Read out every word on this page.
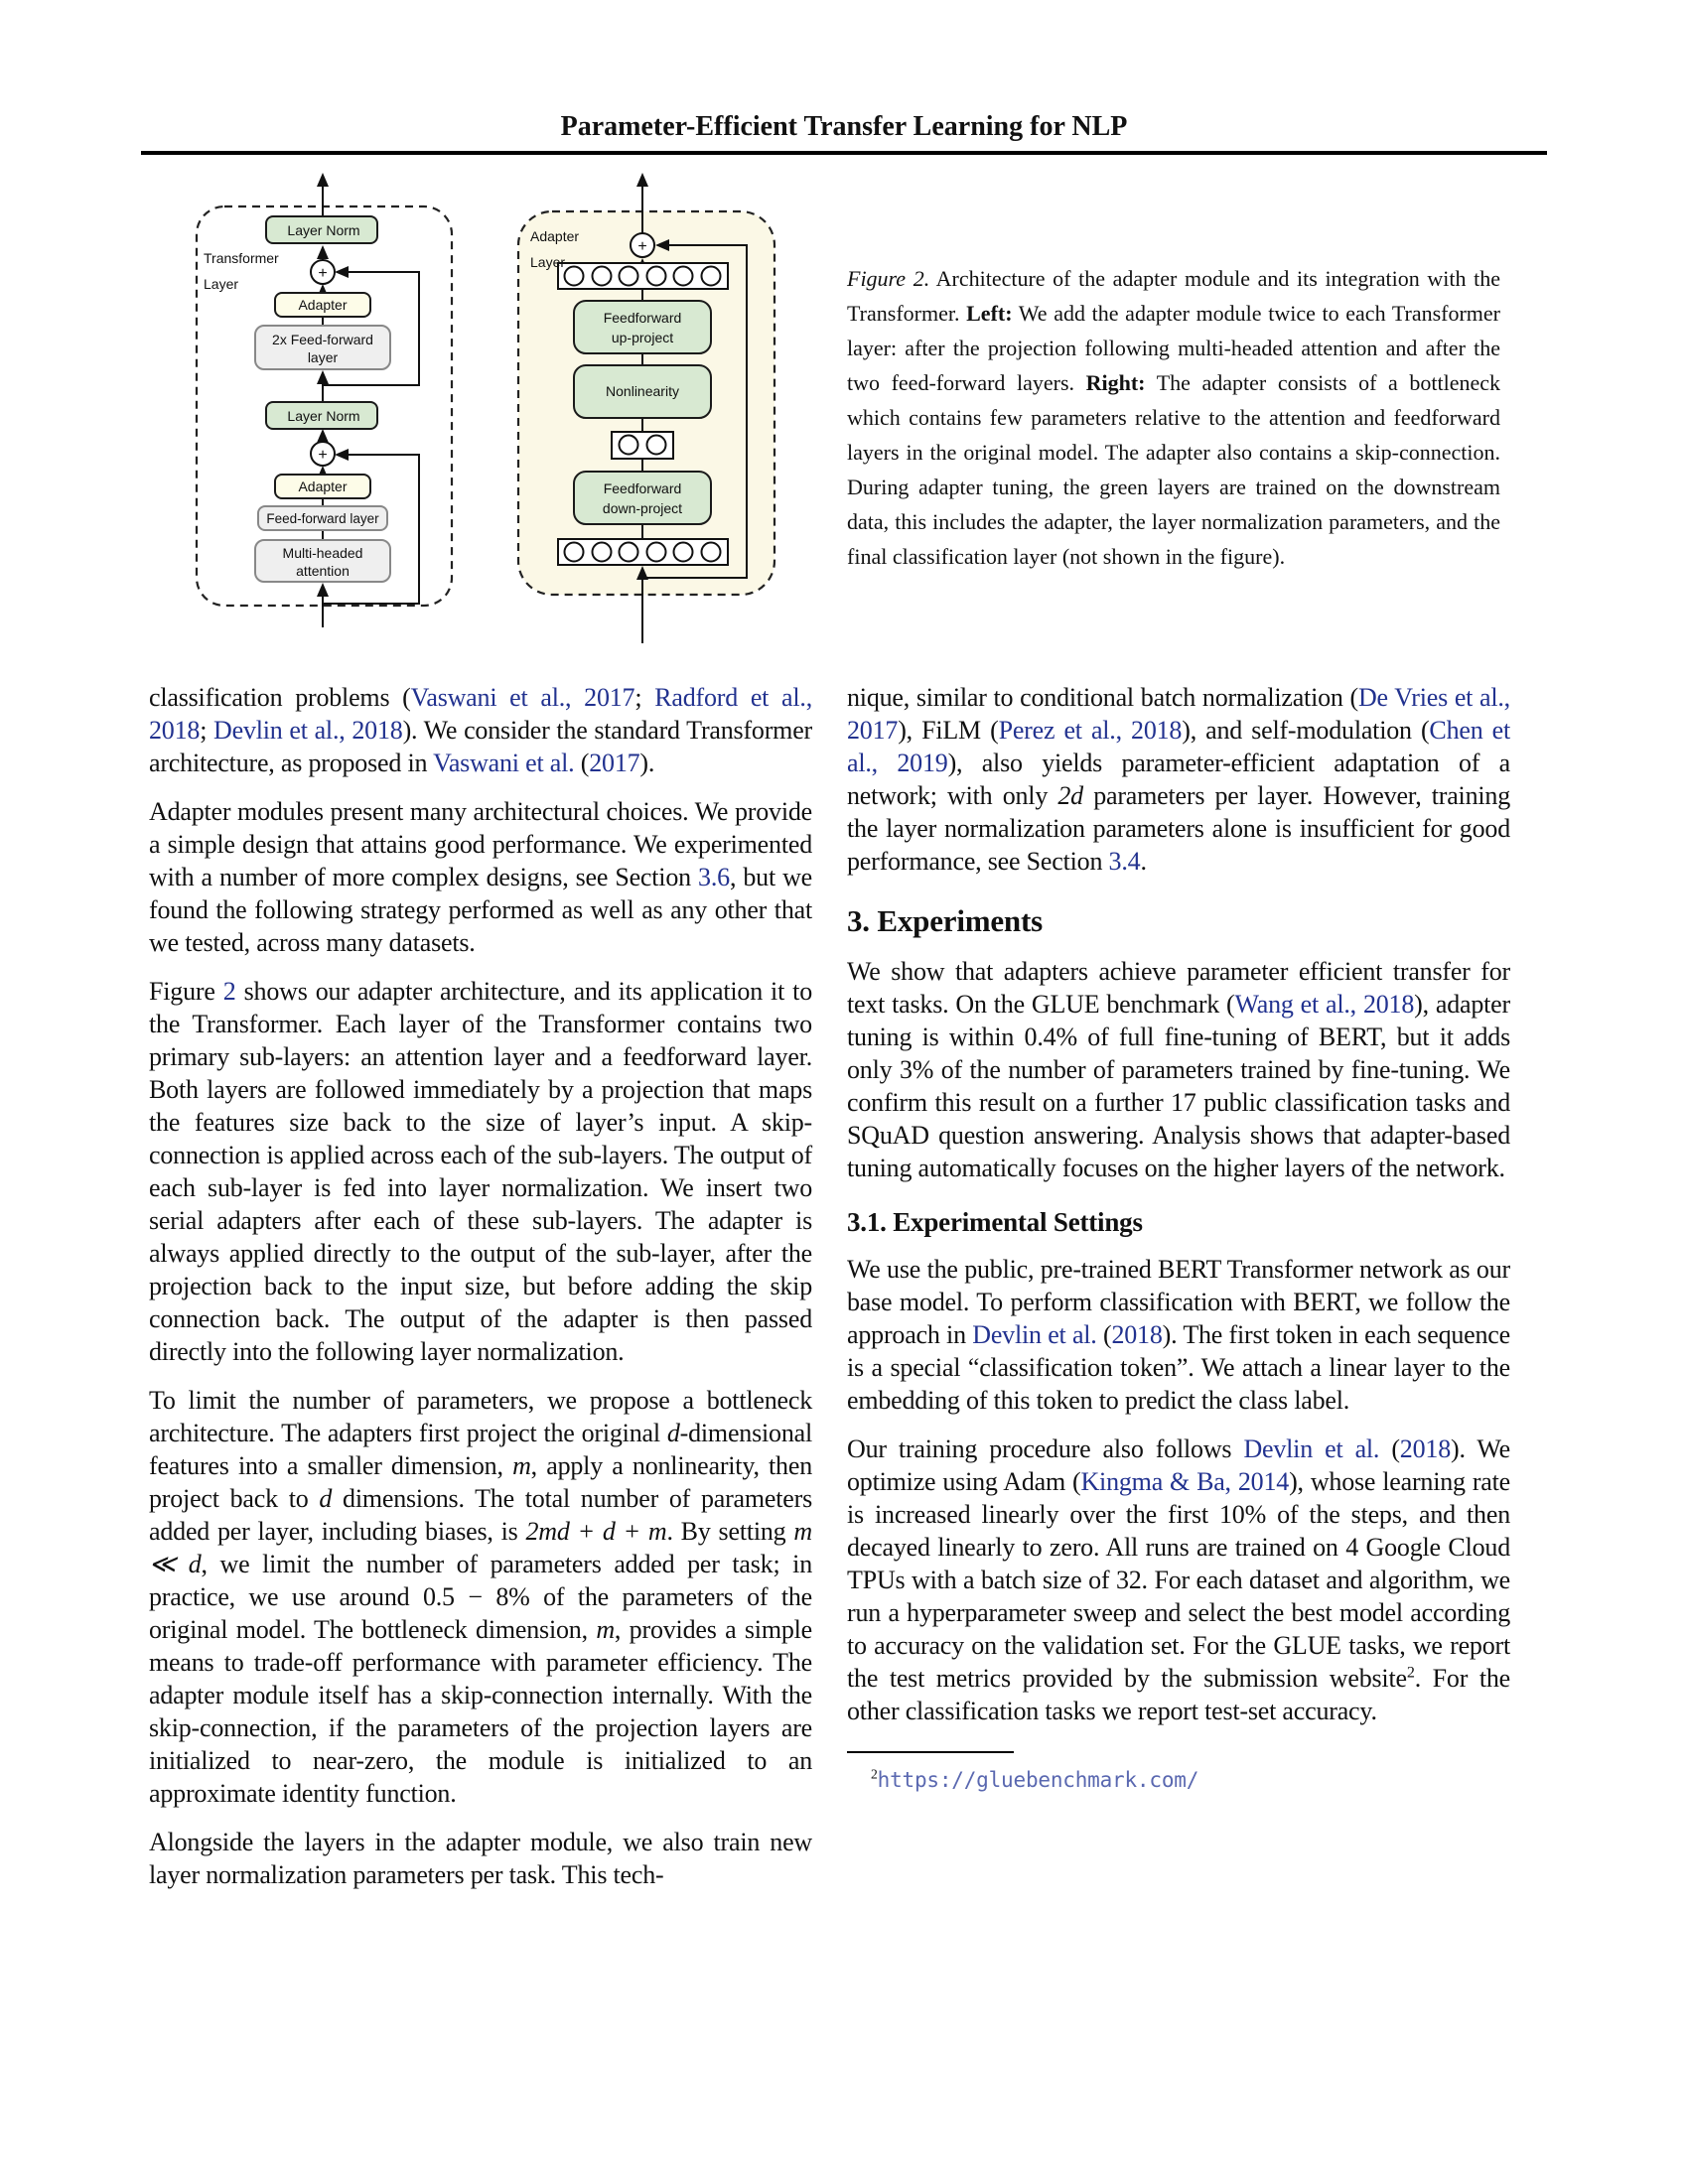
Parameter-Efficient Transfer Learning for NLP
Layer Norm
+
Adapter
2x Feed-forward
layer
Layer Norm
+
Adapter
Feed-forward layer
Multi-headed
attention
Transformer
Layer
+
Feedforward
up-project
Nonlinearity
Feedforward
down-project
Adapter
Layer
Figure 2. Architecture of the adapter module and its integration with the Transformer. Left: We add the adapter module twice to each Transformer layer: after the projection following multi-headed attention and after the two feed-forward layers. Right: The adapter consists of a bottleneck which contains few parameters relative to the attention and feedforward layers in the original model. The adapter also contains a skip-connection. During adapter tuning, the green layers are trained on the downstream data, this includes the adapter, the layer normalization parameters, and the final classification layer (not shown in the figure).
classification problems (Vaswani et al., 2017; Radford et al., 2018; Devlin et al., 2018). We consider the standard Transformer architecture, as proposed in Vaswani et al. (2017).
Adapter modules present many architectural choices. We provide a simple design that attains good performance. We experimented with a number of more complex designs, see Section 3.6, but we found the following strategy performed as well as any other that we tested, across many datasets.
Figure 2 shows our adapter architecture, and its application it to the Transformer. Each layer of the Transformer contains two primary sub-layers: an attention layer and a feedforward layer. Both layers are followed immediately by a projection that maps the features size back to the size of layer’s input. A skip-connection is applied across each of the sub-layers. The output of each sub-layer is fed into layer normalization. We insert two serial adapters after each of these sub-layers. The adapter is always applied directly to the output of the sub-layer, after the projection back to the input size, but before adding the skip connection back. The output of the adapter is then passed directly into the following layer normalization.
To limit the number of parameters, we propose a bottleneck architecture. The adapters first project the original d-dimensional features into a smaller dimension, m, apply a nonlinearity, then project back to d dimensions. The total number of parameters added per layer, including biases, is 2md + d + m. By setting m ≪ d, we limit the number of parameters added per task; in practice, we use around 0.5 − 8% of the parameters of the original model. The bottleneck dimension, m, provides a simple means to trade-off performance with parameter efficiency. The adapter module itself has a skip-connection internally. With the skip-connection, if the parameters of the projection layers are initialized to near-zero, the module is initialized to an approximate identity function.
Alongside the layers in the adapter module, we also train new layer normalization parameters per task. This tech-
nique, similar to conditional batch normalization (De Vries et al., 2017), FiLM (Perez et al., 2018), and self-modulation (Chen et al., 2019), also yields parameter-efficient adaptation of a network; with only 2d parameters per layer. However, training the layer normalization parameters alone is insufficient for good performance, see Section 3.4.
3. Experiments
We show that adapters achieve parameter efficient transfer for text tasks. On the GLUE benchmark (Wang et al., 2018), adapter tuning is within 0.4% of full fine-tuning of BERT, but it adds only 3% of the number of parameters trained by fine-tuning. We confirm this result on a further 17 public classification tasks and SQuAD question answering. Analysis shows that adapter-based tuning automatically focuses on the higher layers of the network.
3.1. Experimental Settings
We use the public, pre-trained BERT Transformer network as our base model. To perform classification with BERT, we follow the approach in Devlin et al. (2018). The first token in each sequence is a special “classification token”. We attach a linear layer to the embedding of this token to predict the class label.
Our training procedure also follows Devlin et al. (2018). We optimize using Adam (Kingma & Ba, 2014), whose learning rate is increased linearly over the first 10% of the steps, and then decayed linearly to zero. All runs are trained on 4 Google Cloud TPUs with a batch size of 32. For each dataset and algorithm, we run a hyperparameter sweep and select the best model according to accuracy on the validation set. For the GLUE tasks, we report the test metrics provided by the submission website$^2$. For the other classification tasks we report test-set accuracy.
$^2$https://gluebenchmark.com/
